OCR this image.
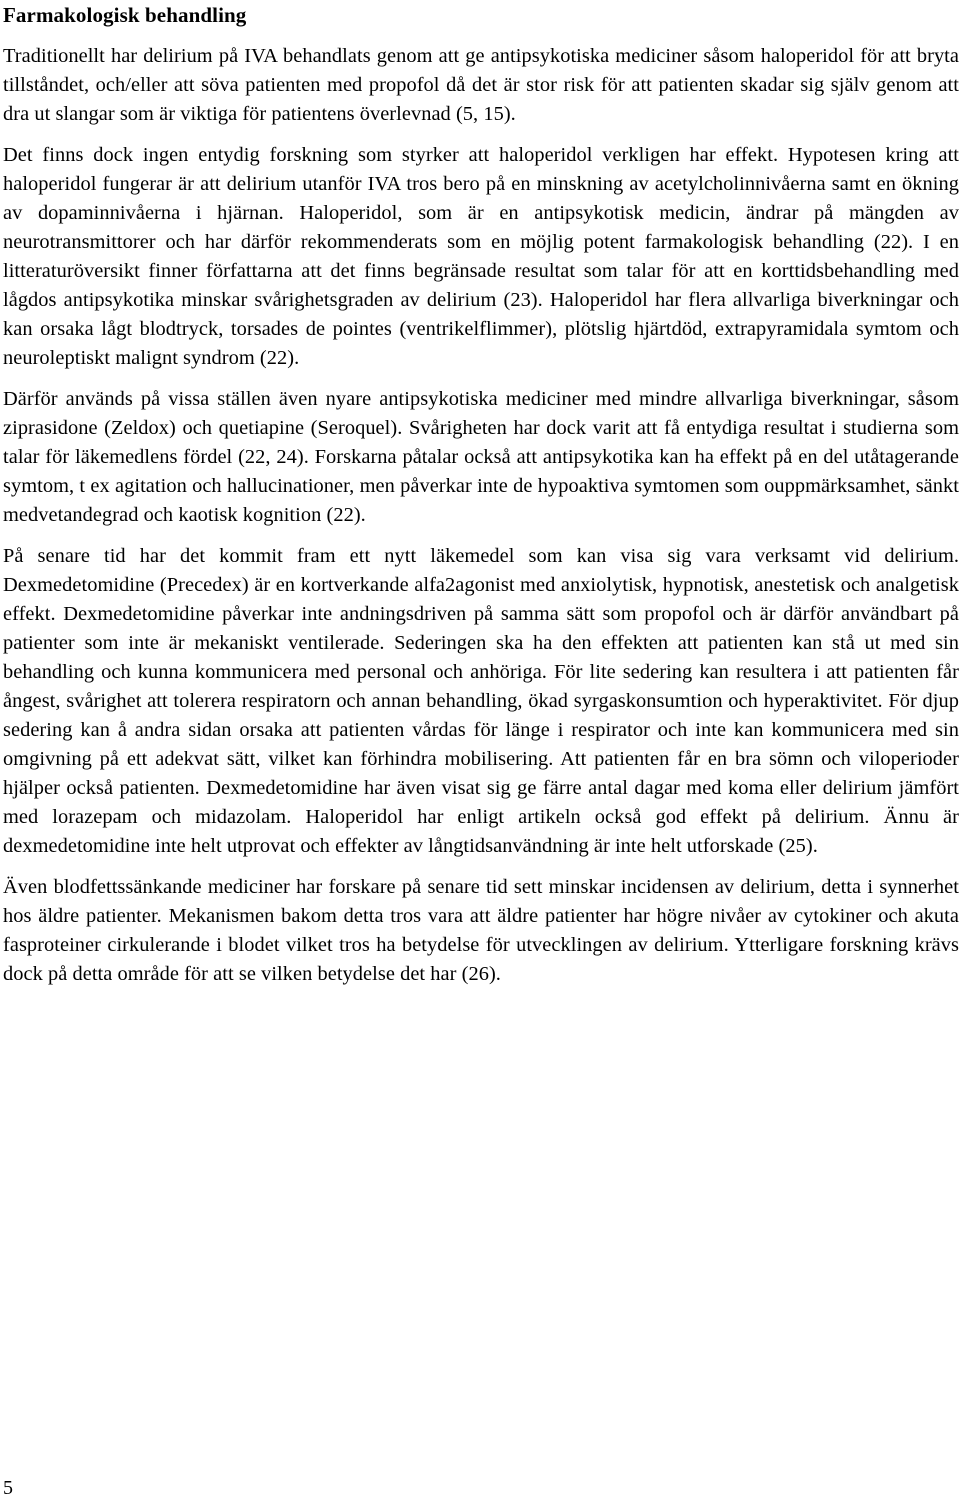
Farmakologisk behandling

Traditionellt har delirium på IVA behandlats genom att ge antipsykotiska mediciner såsom haloperidol för att bryta tillståndet, och/eller att söva patienten med propofol då det är stor risk för att patienten skadar sig själv genom att dra ut slangar som är viktiga för patientens överlevnad (5, 15).

Det finns dock ingen entydig forskning som styrker att haloperidol verkligen har effekt. Hypotesen kring att haloperidol fungerar är att delirium utanför IVA tros bero på en minskning av acetylcholinnivåerna samt en ökning av dopaminnivåerna i hjärnan. Haloperidol, som är en antipsykotisk medicin, ändrar på mängden av neurotransmittorer och har därför rekommenderats som en möjlig potent farmakologisk behandling (22). I en litteraturöversikt finner författarna att det finns begränsade resultat som talar för att en korttidsbehandling med lågdos antipsykotika minskar svårighetsgraden av delirium (23). Haloperidol har flera allvarliga biverkningar och kan orsaka lågt blodtryck, torsades de pointes (ventrikelflimmer), plötslig hjärtdöd, extrapyramidala symtom och neuroleptiskt malignt syndrom (22).

Därför används på vissa ställen även nyare antipsykotiska mediciner med mindre allvarliga biverkningar, såsom ziprasidone (Zeldox) och quetiapine (Seroquel). Svårigheten har dock varit att få entydiga resultat i studierna som talar för läkemedlens fördel (22, 24). Forskarna påtalar också att antipsykotika kan ha effekt på en del utåtagerande symtom, t ex agitation och hallucinationer, men påverkar inte de hypoaktiva symtomen som ouppmärksamhet, sänkt medvetandegrad och kaotisk kognition (22).

På senare tid har det kommit fram ett nytt läkemedel som kan visa sig vara verksamt vid delirium. Dexmedetomidine (Precedex) är en kortverkande alfa2agonist med anxiolytisk, hypnotisk, anestetisk och analgetisk effekt. Dexmedetomidine påverkar inte andningsdriven på samma sätt som propofol och är därför användbart på patienter som inte är mekaniskt ventilerade. Sederingen ska ha den effekten att patienten kan stå ut med sin behandling och kunna kommunicera med personal och anhöriga. För lite sedering kan resultera i att patienten får ångest, svårighet att tolerera respiratorn och annan behandling, ökad syrgaskonsumtion och hyperaktivitet. För djup sedering kan å andra sidan orsaka att patienten vårdas för länge i respirator och inte kan kommunicera med sin omgivning på ett adekvat sätt, vilket kan förhindra mobilisering. Att patienten får en bra sömn och viloperioder hjälper också patienten. Dexmedetomidine har även visat sig ge färre antal dagar med koma eller delirium jämfört med lorazepam och midazolam. Haloperidol har enligt artikeln också god effekt på delirium. Ännu är dexmedetomidine inte helt utprovat och effekter av långtidsanvändning är inte helt utforskade (25).

Även blodfettssänkande mediciner har forskare på senare tid sett minskar incidensen av delirium, detta i synnerhet hos äldre patienter. Mekanismen bakom detta tros vara att äldre patienter har högre nivåer av cytokiner och akuta fasproteiner cirkulerande i blodet vilket tros ha betydelse för utvecklingen av delirium. Ytterligare forskning krävs dock på detta område för att se vilken betydelse det har (26).

5
